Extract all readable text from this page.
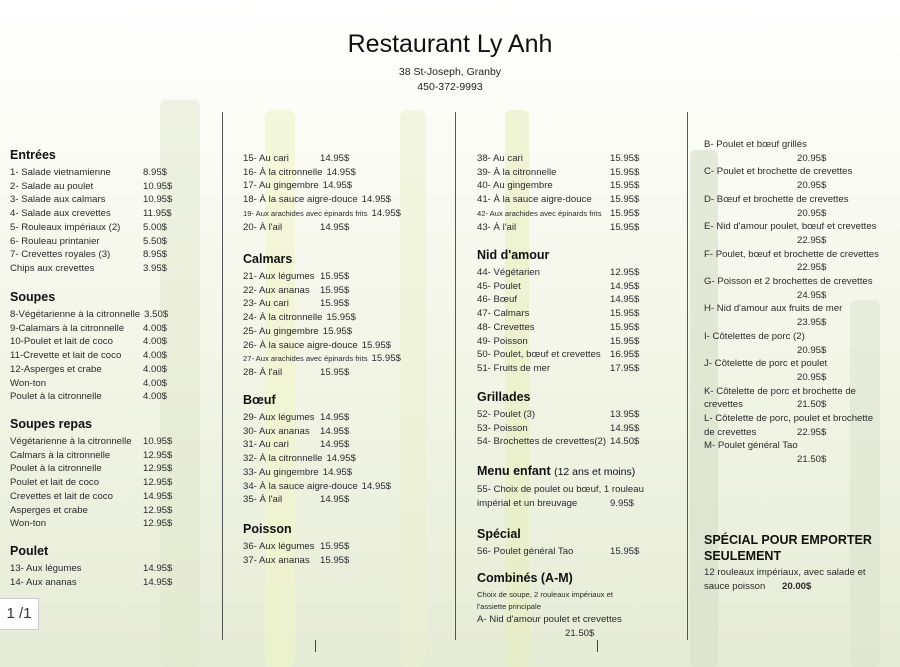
Restaurant Ly Anh
38 St-Joseph, Granby
450-372-9993
Entrées
1- Salade vietnamienne	8.95$
2- Salade au poulet	10.95$
3- Salade aux calmars	10.95$
4- Salade aux crevettes	11.95$
5- Rouleaux impériaux (2)	5.00$
6- Rouleau printanier	5.50$
7- Crevettes royales (3)	8.95$
Chips aux crevettes	3.95$
Soupes
8-Végétarienne à la citronnelle 3.50$
9-Calamars à la citronnelle	4.00$
10-Poulet et lait de coco	4.00$
11-Crevette et lait de coco	4.00$
12-Asperges et crabe	4.00$
Won-ton	4.00$
Poulet à la citronnelle	4.00$
Soupes repas
Végétarienne à la citronnelle	10.95$
Calmars à la citronnelle	12.95$
Poulet à la citronnelle	12.95$
Poulet et lait de coco	12.95$
Crevettes et lait de coco	14.95$
Asperges et crabe	12.95$
Won-ton	12.95$
Poulet
13- Aux légumes	14.95$
14- Aux ananas	14.95$
15- Au cari	14.95$
16- À la citronnelle 14.95$
17- Au gingembre 14.95$
18- À la sauce aigre-douce 14.95$
19- Aux arachides avec épinards frits 14.95$
20- À l'ail	14.95$
Calmars
21- Aux légumes 15.95$
22- Aux ananas	15.95$
23- Au cari	15.95$
24- À la citronnelle 15.95$
25- Au gingembre 15.95$
26- À la sauce aigre-douce 15.95$
27- Aux arachides avec épinards frits 15.95$
28- À l'ail	15.95$
Bœuf
29- Aux légumes 14.95$
30- Aux ananas	14.95$
31- Au cari	14.95$
32- À la citronnelle 14.95$
33- Au gingembre 14.95$
34- À la sauce aigre-douce 14.95$
35- À l'ail	14.95$
Poisson
36- Aux légumes 15.95$
37- Aux ananas	15.95$
38- Au cari	15.95$
39- À la citronnelle	15.95$
40- Au gingembre	15.95$
41- À la sauce aigre-douce	15.95$
42- Aux arachides avec épinards frits 15.95$
43- À l'ail	15.95$
Nid d'amour
44- Végétarien	12.95$
45- Poulet	14.95$
46- Bœuf	14.95$
47- Calmars	15.95$
48- Crevettes	15.95$
49- Poisson	15.95$
50- Poulet, bœuf et crevettes 16.95$
51- Fruits de mer	17.95$
Grillades
52- Poulet (3)	13.95$
53- Poisson	14.95$
54- Brochettes de crevettes(2) 14.50$
Menu enfant (12 ans et moins)
55- Choix de poulet ou bœuf, 1 rouleau
impérial et un breuvage	9.95$
Spécial
56- Poulet général Tao	15.95$
Combinés (A-M)
Choix de soupe, 2 rouleaux impériaux et
l'assiette principale
A- Nid d'amour poulet et crevettes
21.50$
B- Poulet et bœuf grillés
20.95$
C- Poulet et brochette de crevettes
20.95$
D- Bœuf et brochette de crevettes
20.95$
E- Nid d'amour poulet, bœuf et crevettes
22.95$
F- Poulet, bœuf et brochette de crevettes
22.95$
G- Poisson et 2 brochettes de crevettes
24.95$
H- Nid d'amour aux fruits de mer
23.95$
I- Côtelettes de porc (2)
20.95$
J- Côtelette de porc et poulet
20.95$
K- Côtelette de porc et brochette de
crevettes	21.50$
L- Côtelette de porc, poulet et brochette
de crevettes	22.95$
M- Poulet général Tao
21.50$
SPÉCIAL POUR EMPORTER
SEULEMENT
12 rouleaux impériaux, avec salade et
sauce poisson	20.00$
1 /1
